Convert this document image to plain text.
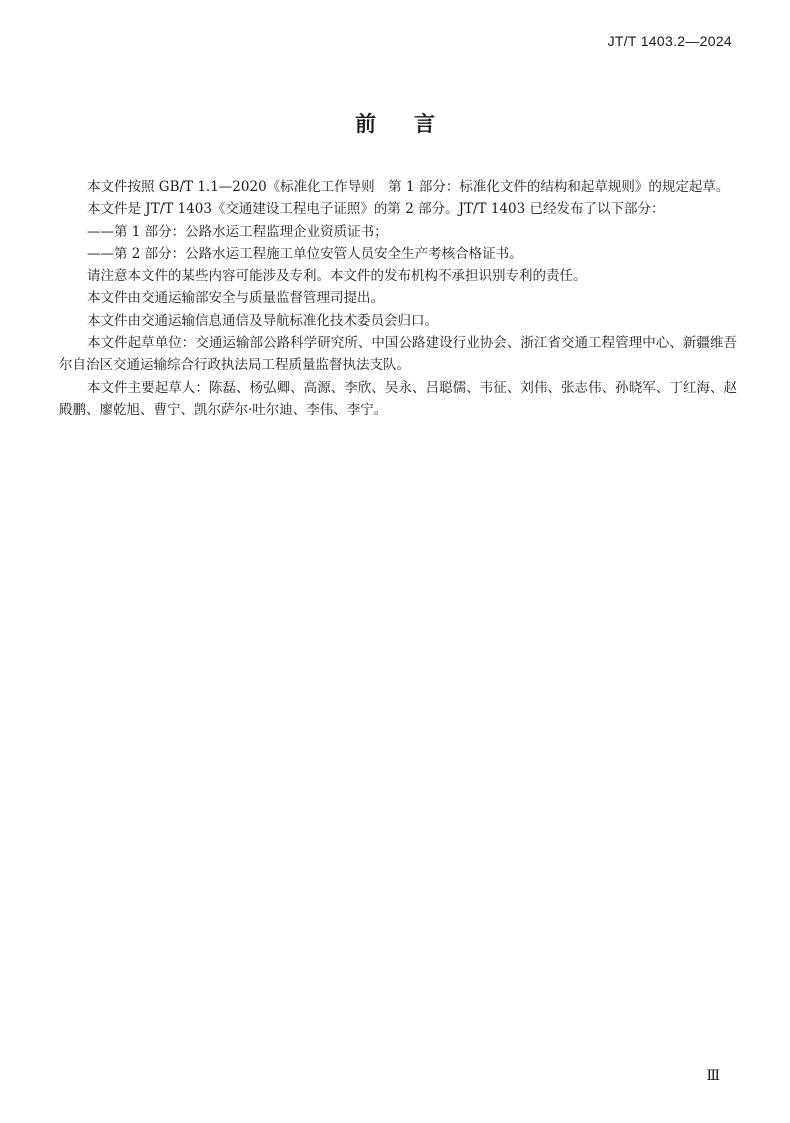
JT/T 1403.2—2024
前言

本文件按照 GB/T 1.1—2020《标准化工作导则　第 1 部分：标准化文件的结构和起草规则》的规定起草。

本文件是 JT/T 1403《交通建设工程电子证照》的第 2 部分。JT/T 1403 已经发布了以下部分：

——第 1 部分：公路水运工程监理企业资质证书；

——第 2 部分：公路水运工程施工单位安管人员安全生产考核合格证书。

请注意本文件的某些内容可能涉及专利。本文件的发布机构不承担识别专利的责任。

本文件由交通运输部安全与质量监督管理司提出。

本文件由交通运输信息通信及导航标准化技术委员会归口。

本文件起草单位：交通运输部公路科学研究所、中国公路建设行业协会、浙江省交通工程管理中心、新疆维吾尔自治区交通运输综合行政执法局工程质量监督执法支队。

本文件主要起草人：陈磊、杨弘卿、高源、李欣、吴永、吕聪儒、韦征、刘伟、张志伟、孙晓军、丁红海、赵殿鹏、廖乾旭、曹宁、凯尔萨尔·吐尔迪、李伟、李宁。

Ⅲ
